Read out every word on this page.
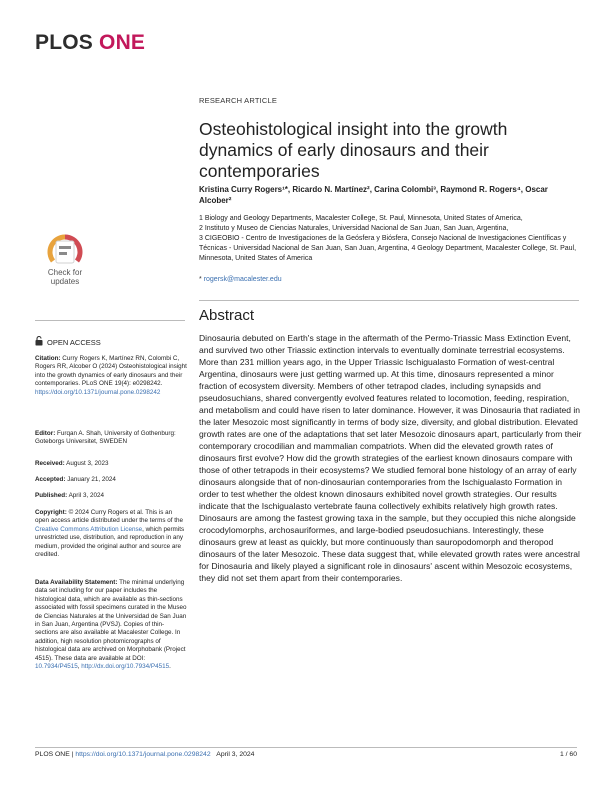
PLOS ONE
Check for
updates
RESEARCH ARTICLE
Osteohistological insight into the growth dynamics of early dinosaurs and their contemporaries
Kristina Curry Rogers¹*, Ricardo N. Martínez², Carina Colombi³, Raymond R. Rogers⁴, Oscar Alcober²
1 Biology and Geology Departments, Macalester College, St. Paul, Minnesota, United States of America,
2 Instituto y Museo de Ciencias Naturales, Universidad Nacional de San Juan, San Juan, Argentina,
3 CIGEOBIO - Centro de Investigaciones de la Geósfera y Biósfera, Consejo Nacional de Investigaciones Científicas y Técnicas - Universidad Nacional de San Juan, San Juan, Argentina, 4 Geology Department, Macalester College, St. Paul, Minnesota, United States of America
* rogersk@macalester.edu
Abstract
Dinosauria debuted on Earth's stage in the aftermath of the Permo-Triassic Mass Extinction Event, and survived two other Triassic extinction intervals to eventually dominate terrestrial ecosystems. More than 231 million years ago, in the Upper Triassic Ischigualasto Formation of west-central Argentina, dinosaurs were just getting warmed up. At this time, dinosaurs represented a minor fraction of ecosystem diversity. Members of other tetrapod clades, including synapsids and pseudosuchians, shared convergently evolved features related to locomotion, feeding, respiration, and metabolism and could have risen to later dominance. However, it was Dinosauria that radiated in the later Mesozoic most significantly in terms of body size, diversity, and global distribution. Elevated growth rates are one of the adaptations that set later Mesozoic dinosaurs apart, particularly from their contemporary crocodilian and mammalian compatriots. When did the elevated growth rates of dinosaurs first evolve? How did the growth strategies of the earliest known dinosaurs compare with those of other tetrapods in their ecosystems? We studied femoral bone histology of an array of early dinosaurs alongside that of non-dinosaurian contemporaries from the Ischigualasto Formation in order to test whether the oldest known dinosaurs exhibited novel growth strategies. Our results indicate that the Ischigualasto vertebrate fauna collectively exhibits relatively high growth rates. Dinosaurs are among the fastest growing taxa in the sample, but they occupied this niche alongside crocodylomorphs, archosauriformes, and large-bodied pseudosuchians. Interestingly, these dinosaurs grew at least as quickly, but more continuously than sauropodomorph and theropod dinosaurs of the later Mesozoic. These data suggest that, while elevated growth rates were ancestral for Dinosauria and likely played a significant role in dinosaurs' ascent within Mesozoic ecosystems, they did not set them apart from their contemporaries.
OPEN ACCESS
Citation: Curry Rogers K, Martínez RN, Colombi C, Rogers RR, Alcober O (2024) Osteohistological insight into the growth dynamics of early dinosaurs and their contemporaries. PLoS ONE 19(4): e0298242. https://doi.org/10.1371/journal.pone.0298242
Editor: Furqan A. Shah, University of Gothenburg: Goteborgs Universitet, SWEDEN
Received: August 3, 2023
Accepted: January 21, 2024
Published: April 3, 2024
Copyright: © 2024 Curry Rogers et al. This is an open access article distributed under the terms of the Creative Commons Attribution License, which permits unrestricted use, distribution, and reproduction in any medium, provided the original author and source are credited.
Data Availability Statement: The minimal underlying data set including for our paper includes the histological data, which are available as thin-sections associated with fossil specimens curated in the Museo de Ciencias Naturales at the Universidad de San Juan in San Juan, Argentina (PVSJ). Copies of thin-sections are also available at Macalester College. In addition, high resolution photomicrographs of histological data are archived on Morphobank (Project 4515). These data are available at DOI: 10.7934/P4515, http://dx.doi.org/10.7934/P4515.
PLOS ONE | https://doi.org/10.1371/journal.pone.0298242 April 3, 2024	1 / 60
